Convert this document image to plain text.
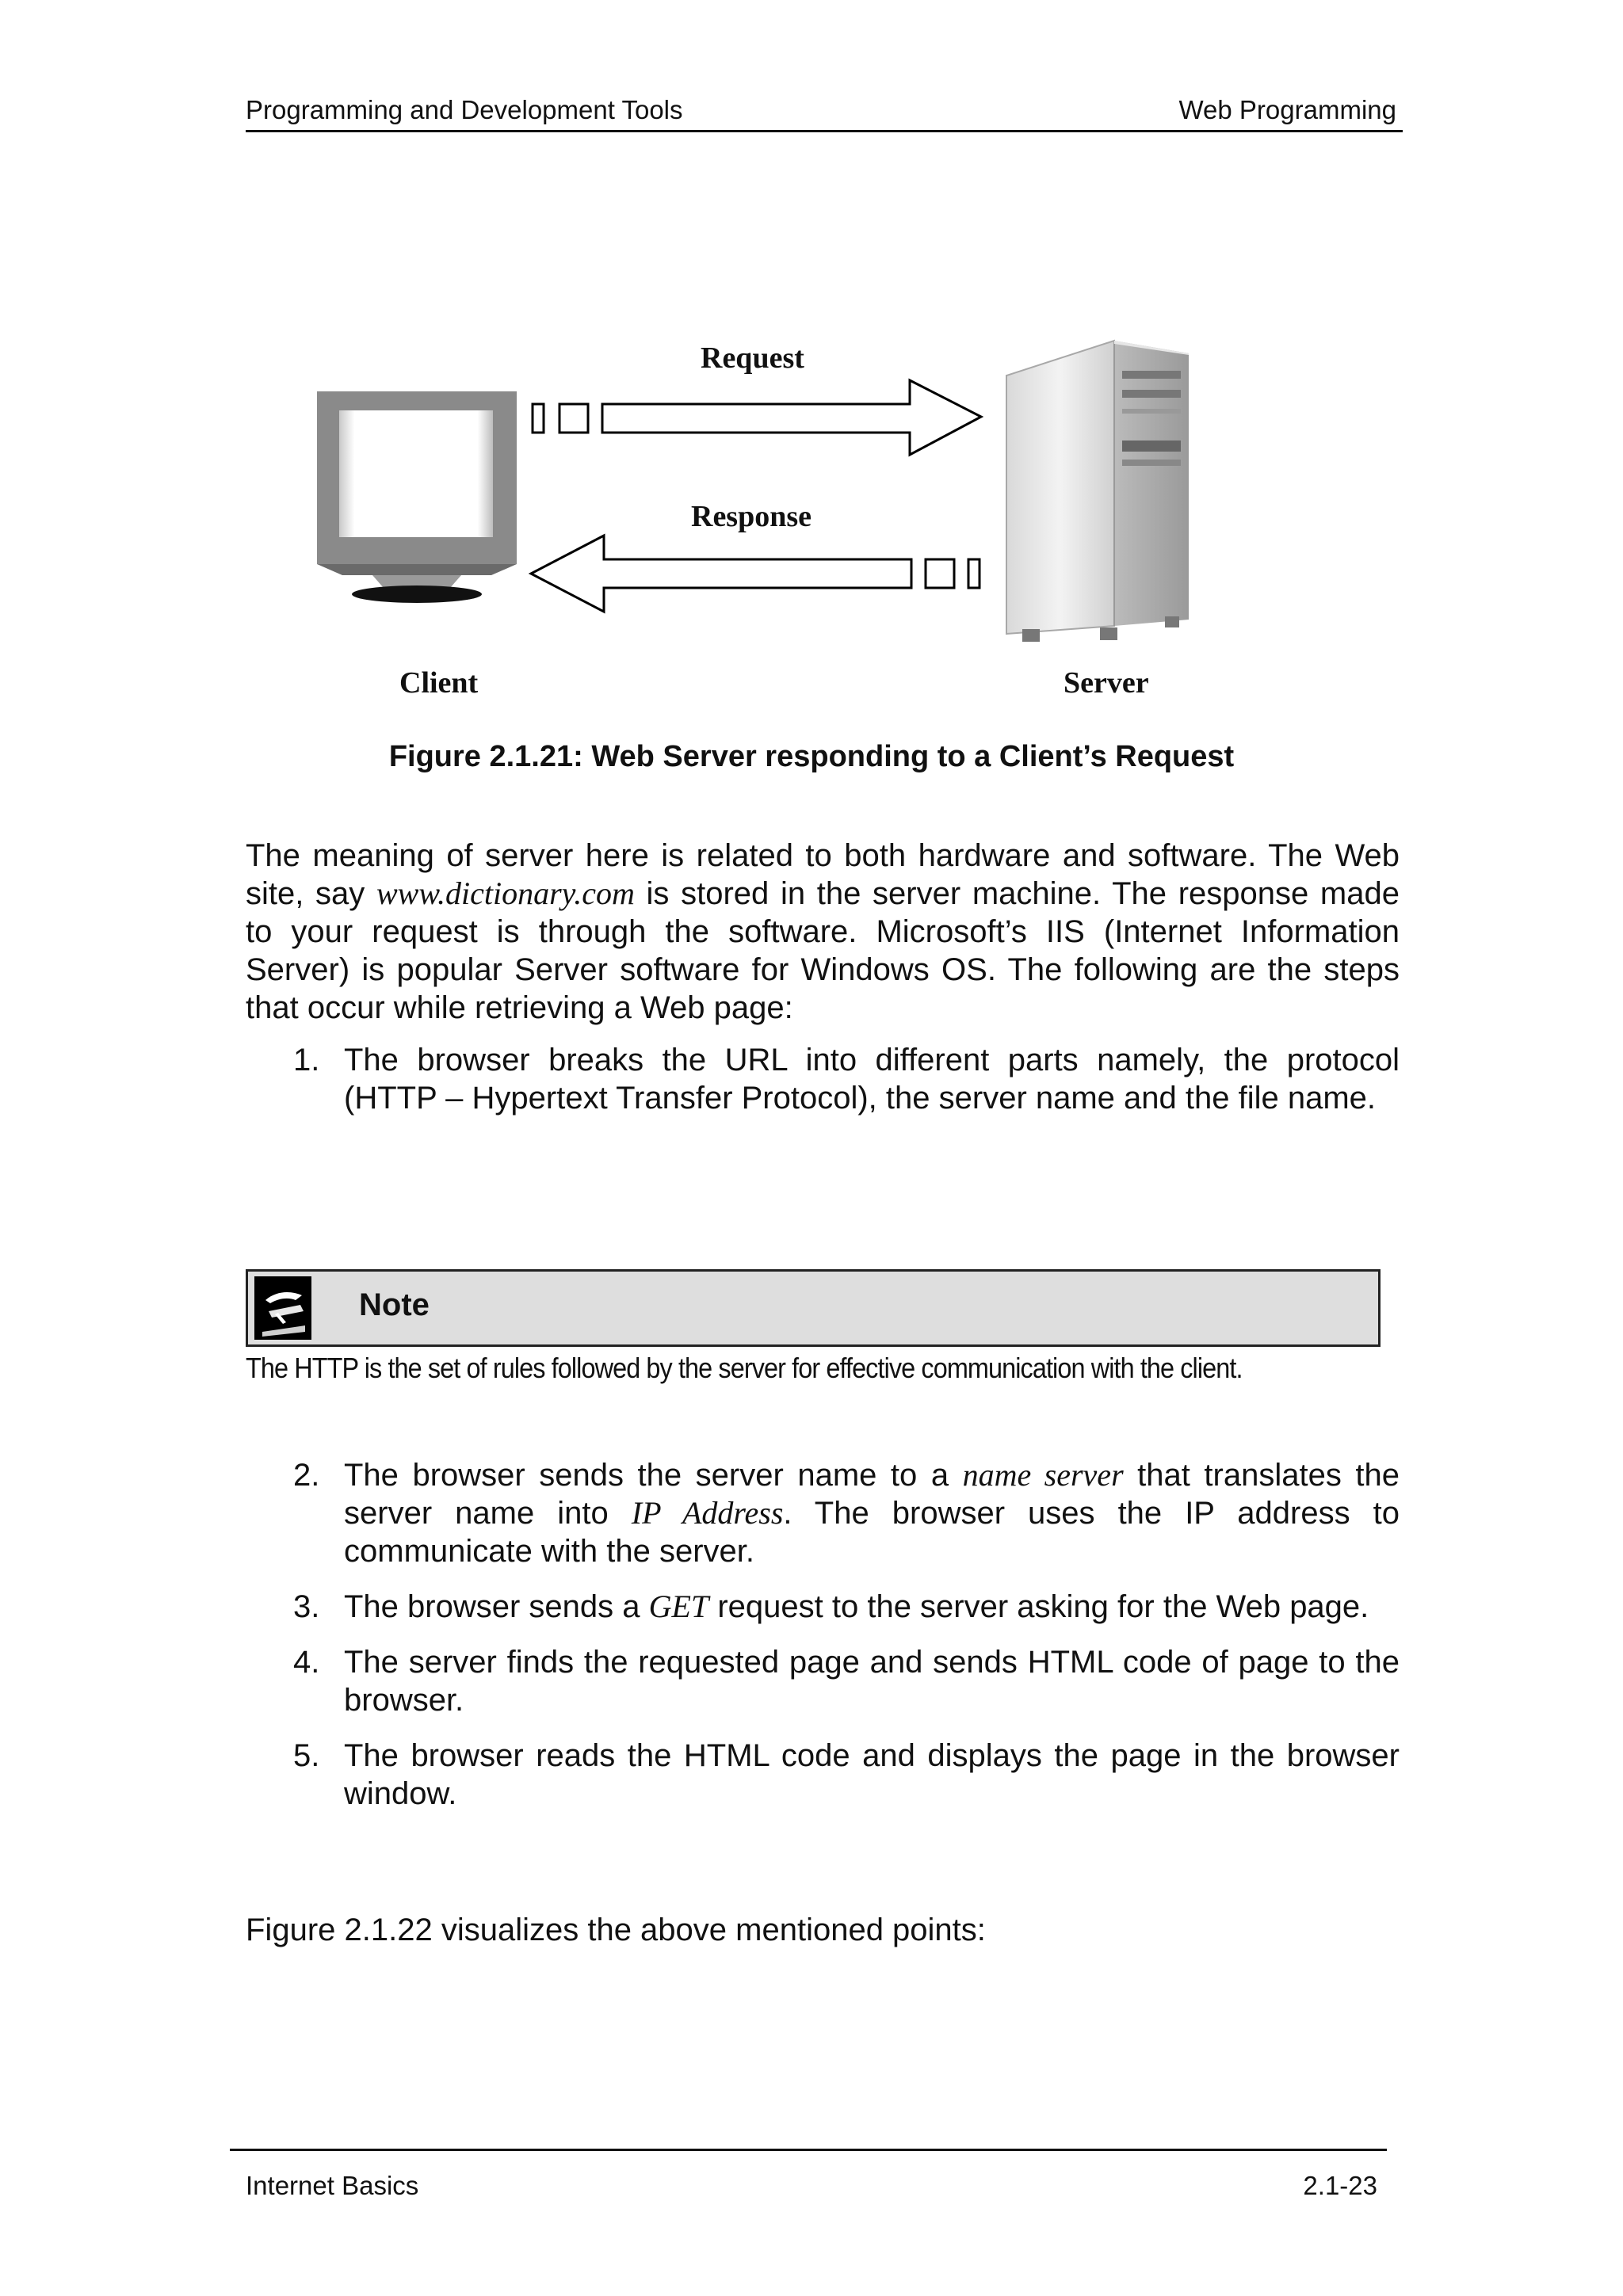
Programming and Development Tools	Web Programming
Request
Response
Client	Server
Figure 2.1.21: Web Server responding to a Client’s Request
The meaning of server here is related to both hardware and software. The Web site, say www.dictionary.com is stored in the server machine. The response made to your request is through the software. Microsoft’s IIS (Internet Information Server) is popular Server software for Windows OS. The following are the steps that occur while retrieving a Web page:
1. The browser breaks the URL into different parts namely, the protocol (HTTP – Hypertext Transfer Protocol), the server name and the file name.
Note
The HTTP is the set of rules followed by the server for effective communication with the client.
2. The browser sends the server name to a name server that translates the server name into IP Address. The browser uses the IP address to communicate with the server.
3. The browser sends a GET request to the server asking for the Web page.
4. The server finds the requested page and sends HTML code of page to the browser.
5. The browser reads the HTML code and displays the page in the browser window.
Figure 2.1.22 visualizes the above mentioned points:
Internet Basics	2.1-23
